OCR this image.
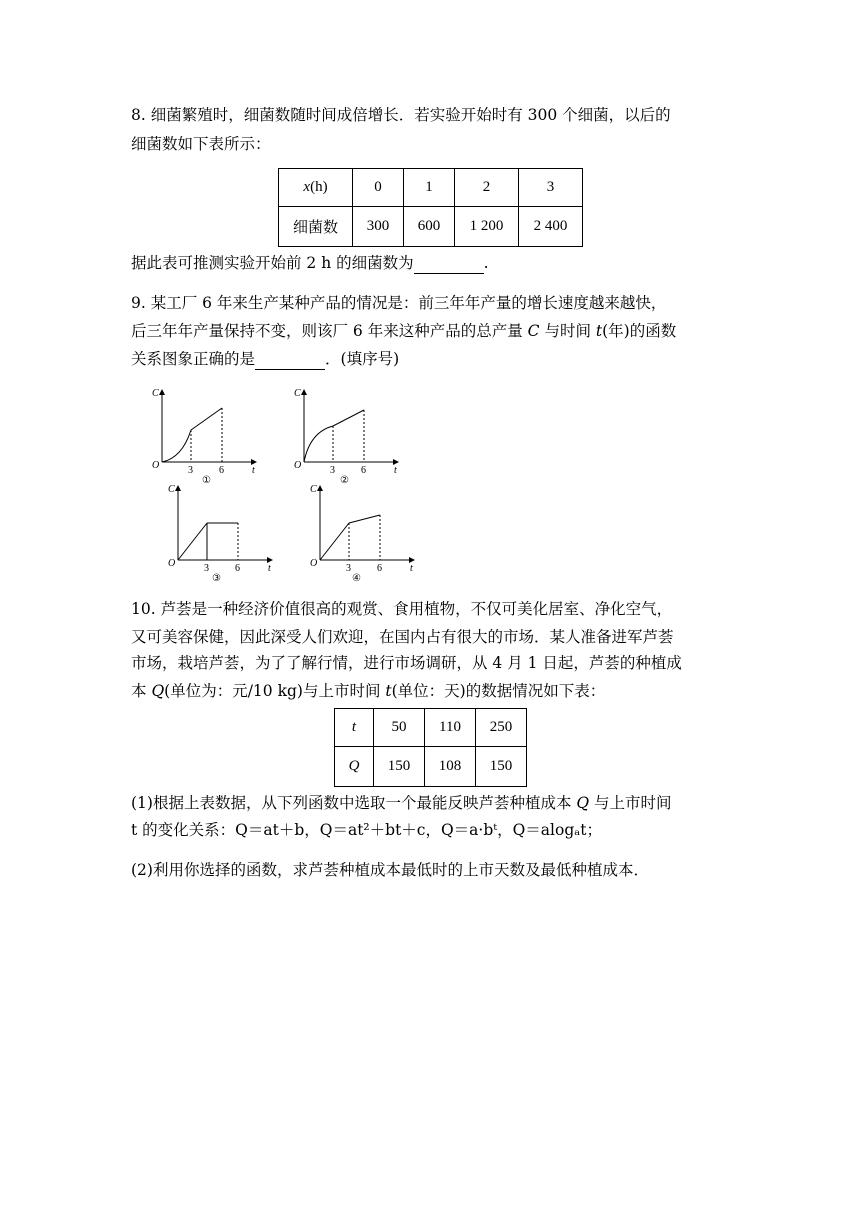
8. 细菌繁殖时，细菌数随时间成倍增长．若实验开始时有 300 个细菌，以后的
细菌数如下表所示：
x(h)	0	1	2	3
细菌数	300	600	1 200	2 400
据此表可推测实验开始前 2 h 的细菌数为	.
9. 某工厂 6 年来生产某种产品的情况是：前三年年产量的增长速度越来越快，
后三年年产量保持不变，则该厂 6 年来这种产品的总产量 C 与时间 t(年)的函数
关系图象正确的是	．(填序号)
C
O	3	6	t
①
C
O	3	6	t
②
C
O	3	6	t
③
C
O	3	6	t
④
10. 芦荟是一种经济价值很高的观赏、食用植物，不仅可美化居室、净化空气，
又可美容保健，因此深受人们欢迎，在国内占有很大的市场．某人准备进军芦荟
市场，栽培芦荟，为了了解行情，进行市场调研，从 4 月 1 日起，芦荟的种植成
本 Q(单位为：元/10 kg)与上市时间 t(单位：天)的数据情况如下表：
t	50	110	250
Q	150	108	150
(1)根据上表数据，从下列函数中选取一个最能反映芦荟种植成本 Q 与上市时间
t 的变化关系：Q＝at＋b，Q＝at²＋bt＋c，Q＝a·bᵗ，Q＝alogₐt；
(2)利用你选择的函数，求芦荟种植成本最低时的上市天数及最低种植成本．
